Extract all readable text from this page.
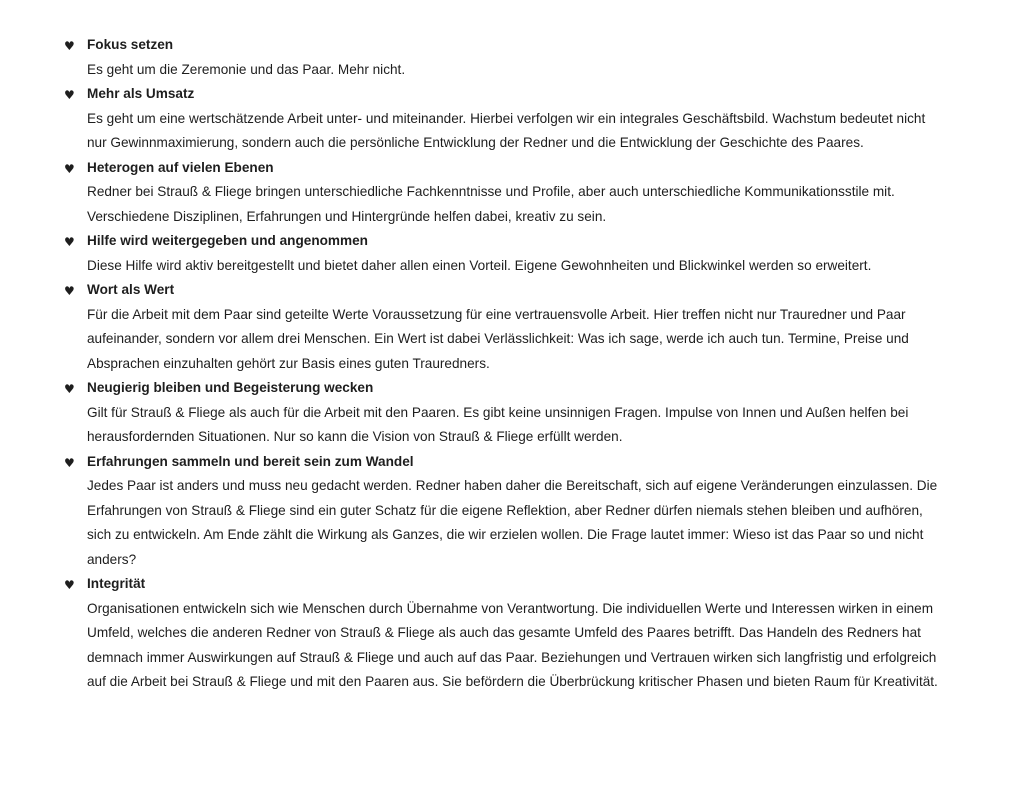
♥ Fokus setzen

Es geht um die Zeremonie und das Paar. Mehr nicht.

♥ Mehr als Umsatz

Es geht um eine wertschätzende Arbeit unter- und miteinander. Hierbei verfolgen wir ein integrales Geschäftsbild. Wachstum bedeutet nicht nur Gewinnmaximierung, sondern auch die persönliche Entwicklung der Redner und die Entwicklung der Geschichte des Paares.

♥ Heterogen auf vielen Ebenen

Redner bei Strauß & Fliege bringen unterschiedliche Fachkenntnisse und Profile, aber auch unterschiedliche Kommunikationsstile mit. Verschiedene Disziplinen, Erfahrungen und Hintergründe helfen dabei, kreativ zu sein.

♥ Hilfe wird weitergegeben und angenommen

Diese Hilfe wird aktiv bereitgestellt und bietet daher allen einen Vorteil. Eigene Gewohnheiten und Blickwinkel werden so erweitert.

♥ Wort als Wert

Für die Arbeit mit dem Paar sind geteilte Werte Voraussetzung für eine vertrauensvolle Arbeit. Hier treffen nicht nur Trauredner und Paar aufeinander, sondern vor allem drei Menschen. Ein Wert ist dabei Verlässlichkeit: Was ich sage, werde ich auch tun. Termine, Preise und Absprachen einzuhalten gehört zur Basis eines guten Trauredners.

♥ Neugierig bleiben und Begeisterung wecken

Gilt für Strauß & Fliege als auch für die Arbeit mit den Paaren. Es gibt keine unsinnigen Fragen. Impulse von Innen und Außen helfen bei herausfordernden Situationen. Nur so kann die Vision von Strauß & Fliege erfüllt werden.

♥ Erfahrungen sammeln und bereit sein zum Wandel

Jedes Paar ist anders und muss neu gedacht werden. Redner haben daher die Bereitschaft, sich auf eigene Veränderungen einzulassen. Die Erfahrungen von Strauß & Fliege sind ein guter Schatz für die eigene Reflektion, aber Redner dürfen niemals stehen bleiben und aufhören, sich zu entwickeln. Am Ende zählt die Wirkung als Ganzes, die wir erzielen wollen. Die Frage lautet immer: Wieso ist das Paar so und nicht anders?

♥ Integrität

Organisationen entwickeln sich wie Menschen durch Übernahme von Verantwortung. Die individuellen Werte und Interessen wirken in einem Umfeld, welches die anderen Redner von Strauß & Fliege als auch das gesamte Umfeld des Paares betrifft. Das Handeln des Redners hat demnach immer Auswirkungen auf Strauß & Fliege und auch auf das Paar. Beziehungen und Vertrauen wirken sich langfristig und erfolgreich auf die Arbeit bei Strauß & Fliege und mit den Paaren aus. Sie befördern die Überbrückung kritischer Phasen und bieten Raum für Kreativität.
